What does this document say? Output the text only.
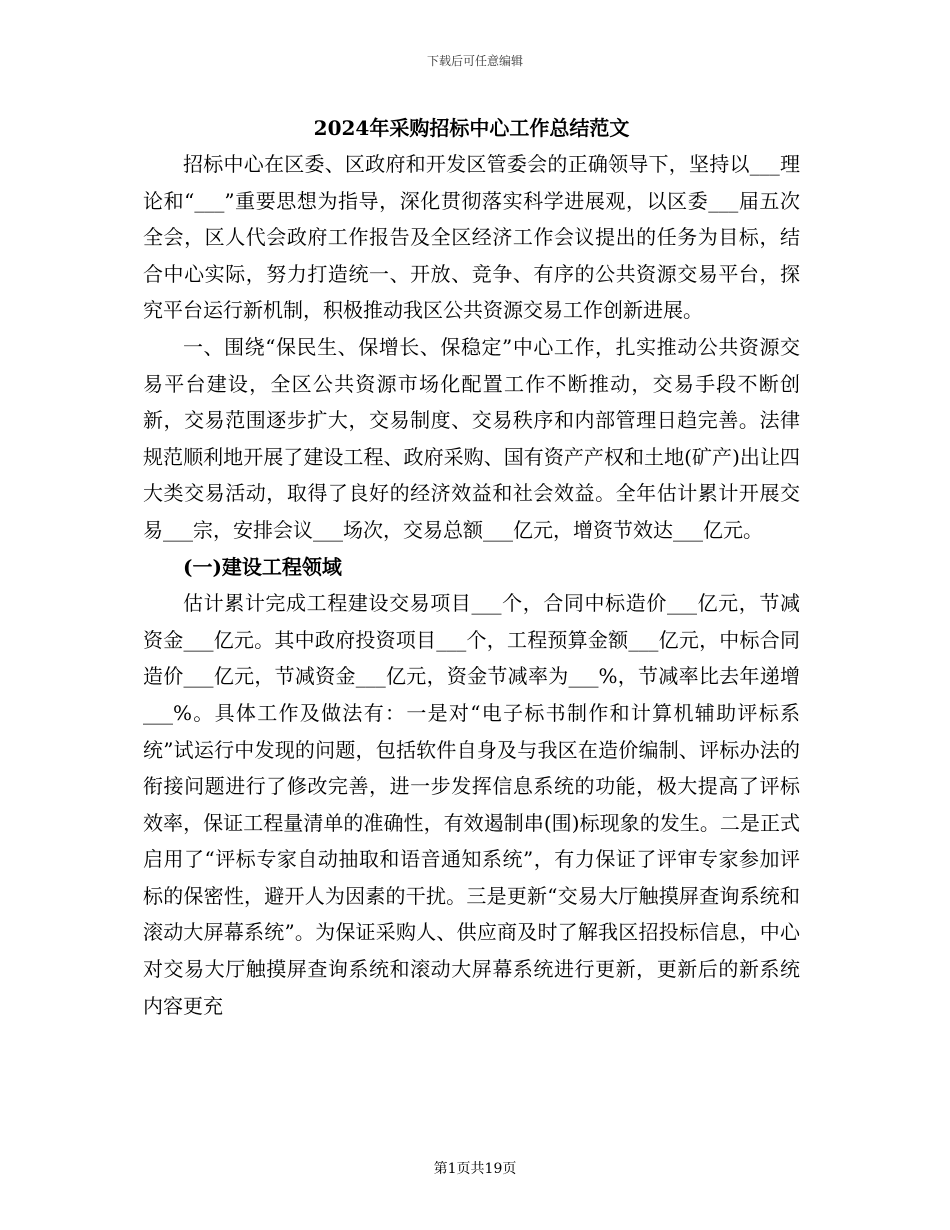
下载后可任意编辑
2024年采购招标中心工作总结范文

招标中心在区委、区政府和开发区管委会的正确领导下，坚持以___理论和“___”重要思想为指导，深化贯彻落实科学进展观，以区委___届五次全会，区人代会政府工作报告及全区经济工作会议提出的任务为目标，结合中心实际，努力打造统一、开放、竞争、有序的公共资源交易平台，探究平台运行新机制，积极推动我区公共资源交易工作创新进展。

一、围绕“保民生、保增长、保稳定”中心工作，扎实推动公共资源交易平台建设，全区公共资源市场化配置工作不断推动，交易手段不断创新，交易范围逐步扩大，交易制度、交易秩序和内部管理日趋完善。法律规范顺利地开展了建设工程、政府采购、国有资产产权和土地(矿产)出让四大类交易活动，取得了良好的经济效益和社会效益。全年估计累计开展交易___宗，安排会议___场次，交易总额___亿元，增资节效达___亿元。

(一)建设工程领域

估计累计完成工程建设交易项目___个，合同中标造价___亿元，节减资金___亿元。其中政府投资项目___个，工程预算金额___亿元，中标合同造价___亿元，节减资金___亿元，资金节减率为___%，节减率比去年递增___%。具体工作及做法有：一是对“电子标书制作和计算机辅助评标系统”试运行中发现的问题，包括软件自身及与我区在造价编制、评标办法的衔接问题进行了修改完善，进一步发挥信息系统的功能，极大提高了评标效率，保证工程量清单的准确性，有效遏制串(围)标现象的发生。二是正式启用了“评标专家自动抽取和语音通知系统”，有力保证了评审专家参加评标的保密性，避开人为因素的干扰。三是更新“交易大厅触摸屏查询系统和滚动大屏幕系统”。为保证采购人、供应商及时了解我区招投标信息，中心对交易大厅触摸屏查询系统和滚动大屏幕系统进行更新，更新后的新系统内容更充

第1页共19页
